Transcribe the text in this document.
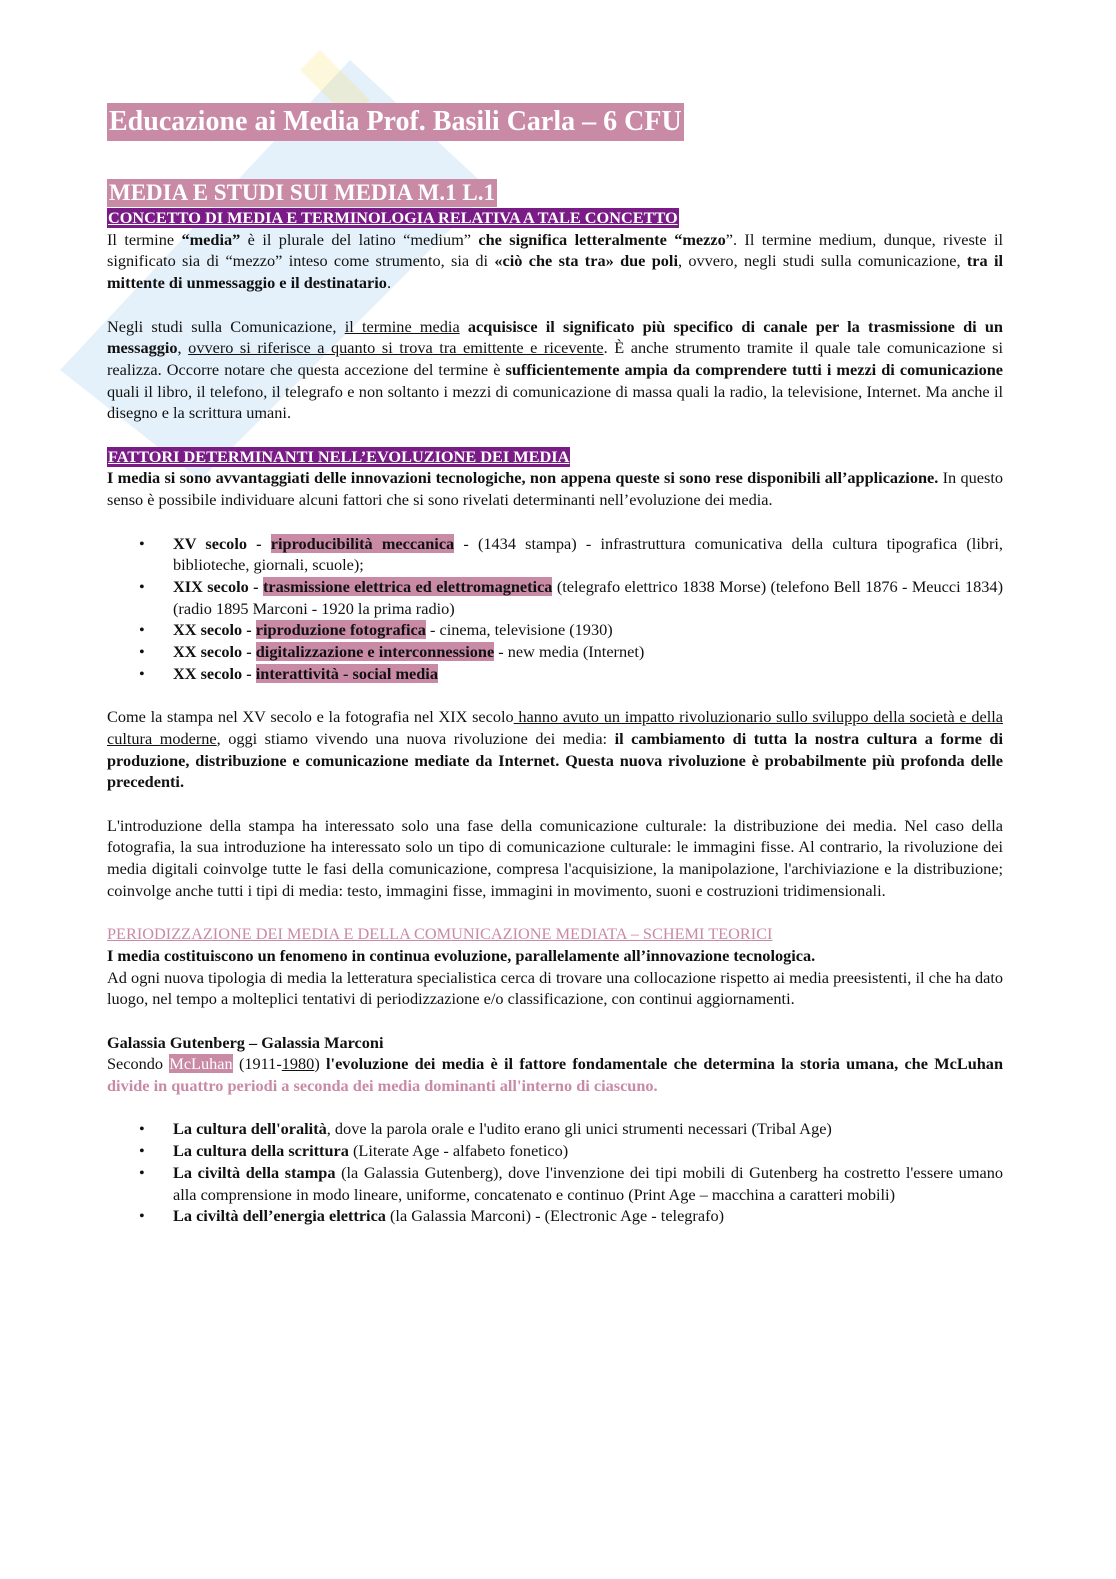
Educazione ai Media Prof. Basili Carla – 6 CFU
MEDIA E STUDI SUI MEDIA M.1 L.1
CONCETTO DI MEDIA E TERMINOLOGIA RELATIVA A TALE CONCETTO

Il termine “media” è il plurale del latino “medium” che significa letteralmente “mezzo”. Il termine medium, dunque, riveste il significato sia di “mezzo” inteso come strumento, sia di «ciò che sta tra» due poli, ovvero, negli studi sulla comunicazione, tra il mittente di unmessaggio e il destinatario.

Negli studi sulla Comunicazione, il termine media acquisisce il significato più specifico di canale per la trasmissione di un messaggio, ovvero si riferisce a quanto si trova tra emittente e ricevente. È anche strumento tramite il quale tale comunicazione si realizza. Occorre notare che questa accezione del termine è sufficientemente ampia da comprendere tutti i mezzi di comunicazione quali il libro, il telefono, il telegrafo e non soltanto i mezzi di comunicazione di massa quali la radio, la televisione, Internet. Ma anche il disegno e la scrittura umani.

FATTORI DETERMINANTI NELL’EVOLUZIONE DEI MEDIA

I media si sono avvantaggiati delle innovazioni tecnologiche, non appena queste si sono rese disponibili all’applicazione. In questo senso è possibile individuare alcuni fattori che si sono rivelati determinanti nell’evoluzione dei media.

• XV secolo - riproducibilità meccanica - (1434 stampa) - infrastruttura comunicativa della cultura tipografica (libri, biblioteche, giornali, scuole);
• XIX secolo - trasmissione elettrica ed elettromagnetica (telegrafo elettrico 1838 Morse) (telefono Bell 1876 - Meucci 1834) (radio 1895 Marconi - 1920 la prima radio)
• XX secolo - riproduzione fotografica - cinema, televisione (1930)
• XX secolo - digitalizzazione e interconnessione - new media (Internet)
• XX secolo - interattività - social media

Come la stampa nel XV secolo e la fotografia nel XIX secolo hanno avuto un impatto rivoluzionario sullo sviluppo della società e della cultura moderne, oggi stiamo vivendo una nuova rivoluzione dei media: il cambiamento di tutta la nostra cultura a forme di produzione, distribuzione e comunicazione mediate da Internet. Questa nuova rivoluzione è probabilmente più profonda delle precedenti.

L'introduzione della stampa ha interessato solo una fase della comunicazione culturale: la distribuzione dei media. Nel caso della fotografia, la sua introduzione ha interessato solo un tipo di comunicazione culturale: le immagini fisse. Al contrario, la rivoluzione dei media digitali coinvolge tutte le fasi della comunicazione, compresa l'acquisizione, la manipolazione, l'archiviazione e la distribuzione; coinvolge anche tutti i tipi di media: testo, immagini fisse, immagini in movimento, suoni e costruzioni tridimensionali.

PERIODIZZAZIONE DEI MEDIA E DELLA COMUNICAZIONE MEDIATA – SCHEMI TEORICI

I media costituiscono un fenomeno in continua evoluzione, parallelamente all’innovazione tecnologica.

Ad ogni nuova tipologia di media la letteratura specialistica cerca di trovare una collocazione rispetto ai media preesistenti, il che ha dato luogo, nel tempo a molteplici tentativi di periodizzazione e/o classificazione, con continui aggiornamenti.

Galassia Gutenberg – Galassia Marconi

Secondo McLuhan (1911-1980) l'evoluzione dei media è il fattore fondamentale che determina la storia umana, che McLuhan divide in quattro periodi a seconda dei media dominanti all'interno di ciascuno.

• La cultura dell'oralità, dove la parola orale e l'udito erano gli unici strumenti necessari (Tribal Age)
• La cultura della scrittura (Literate Age - alfabeto fonetico)
• La civiltà della stampa (la Galassia Gutenberg), dove l'invenzione dei tipi mobili di Gutenberg ha costretto l'essere umano alla comprensione in modo lineare, uniforme, concatenato e continuo (Print Age – macchina a caratteri mobili)
• La civiltà dell’energia elettrica (la Galassia Marconi) - (Electronic Age - telegrafo)
